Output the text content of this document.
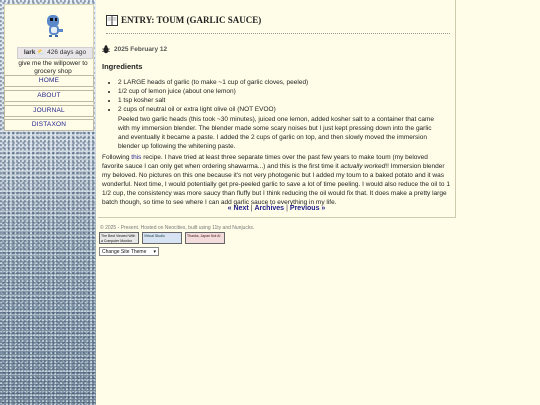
lark ⛅ 426 days ago
give me the willpower to grocery shop
HOME
ABOUT
JOURNAL
DISTAXON
ENTRY: TOUM (GARLIC SAUCE)
2025 February 12
Ingredients
• 2 LARGE heads of garlic (to make ~1 cup of garlic cloves, peeled)
• 1/2 cup of lemon juice (about one lemon)
• 1 tsp kosher salt
• 2 cups of neutral oil or extra light olive oil (NOT EVOO)
Peeled two garlic heads (this took ~30 minutes), juiced one lemon, added kosher salt to a container that came with my immersion blender. The blender made some scary noises but I just kept pressing down into the garlic and eventually it became a paste. I added the 2 cups of garlic on top, and then slowly moved the immersion blender up following the whitening paste.
Following this recipe. I have tried at least three separate times over the past few years to make toum (my beloved favorite sauce I can only get when ordering shawarma...) and this is the first time it actually worked!! Immersion blender my beloved. No pictures on this one because it's not very photogenic but I added my toum to a baked potato and it was wonderful. Next time, I would potentially get pre-peeled garlic to save a lot of time peeling. I would also reduce the oil to 1 1/2 cup, the consistency was more saucy than fluffy but I think reducing the oil would fix that. It does make a pretty large batch though, so time to see where I can add garlic sauce to everything in my life.
« Next | Archives | Previous »
© 2025 - Present. Hosted on Neocities, built using 11ty and Nunjucks.
The Best Viewed With a Computer Monitor
Virtual Studio	Thanks, Japan Not AI
Change Site Theme ▾
